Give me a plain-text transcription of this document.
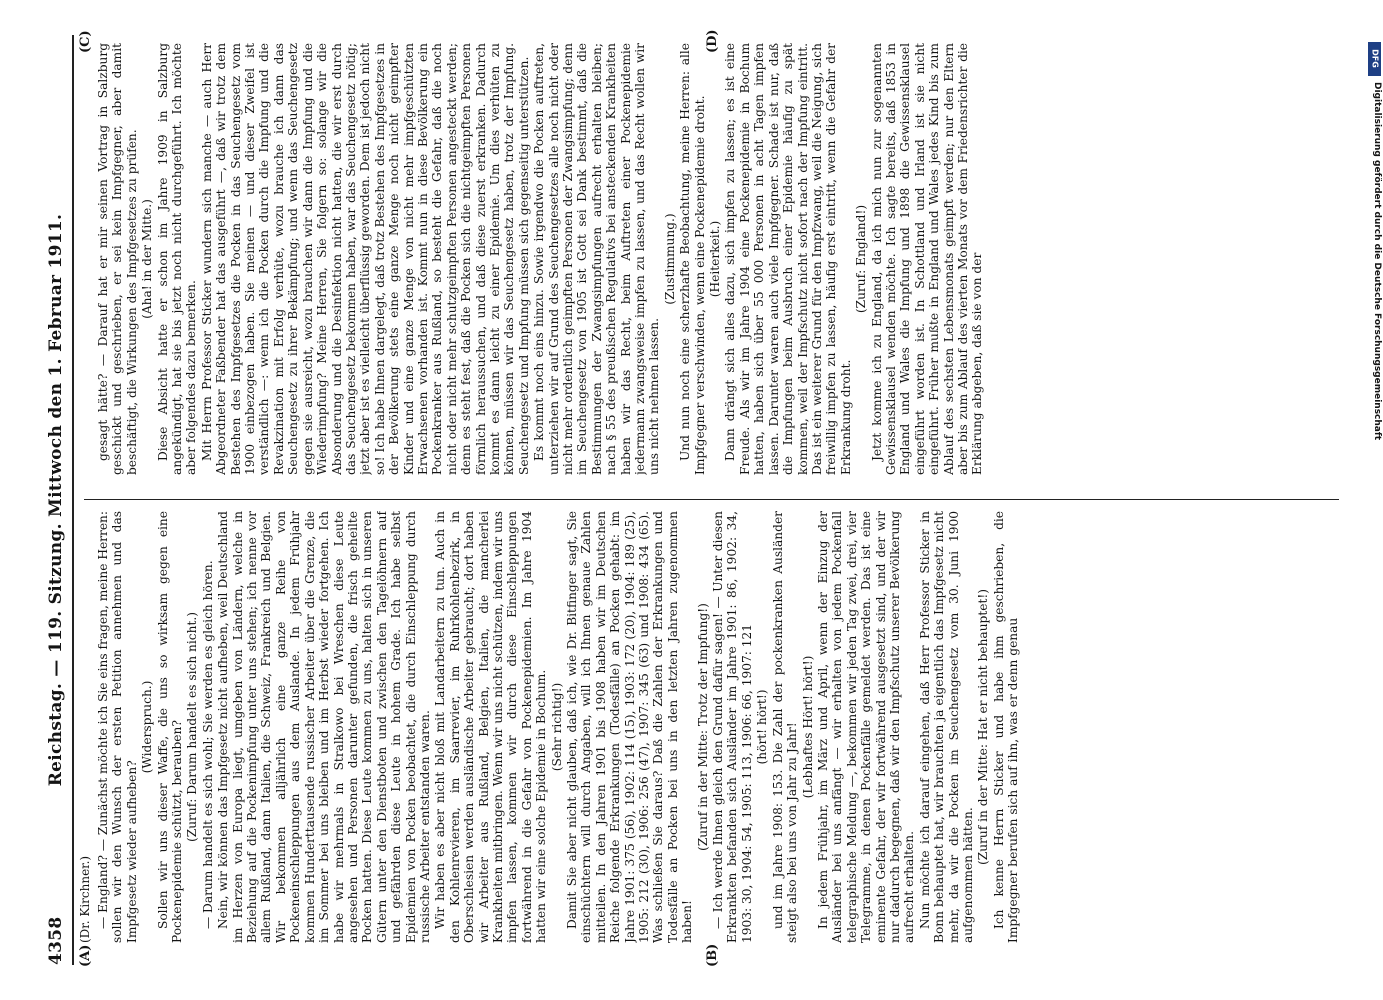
4358
Reichstag. — 119. Sitzung. Mittwoch den 1. Februar 1911.
(Dr. Kirchner.)
(A)	(B)
(C)	(D)

— England? — Zunächst möchte ich Sie eins fragen, meine Herren: sollen wir den Wunsch der ersten Petition annehmen und das Impfgesetz wieder aufheben?

(Widerspruch.) Sollen wir uns dieser Waffe, die uns so wirksam gegen eine Pockenepidemie schützt, berauben? (Zuruf: Darum handelt es sich nicht.) — Darum handelt es sich wohl; Sie werden es gleich hören. Nein, wir können das Impfgesetz nicht aufheben, weil Deutschland im Herzen von Europa liegt, umgeben von Ländern, welche in Beziehung auf die Pockenimpfung unter uns stehen; ich nenne vor allem Rußland, dann Italien, die Schweiz, Frankreich und Belgien. Wir bekommen alljährlich eine ganze Reihe von Pockeneinschleppungen aus dem Auslande. In jedem Frühjahr kommen Hunderttausende russischer Arbeiter über die Grenze, die im Sommer bei uns bleiben und im Herbst wieder fortgehen. Ich habe wir mehrmals in Stralkowo bei Wreschen diese Leute angesehen und Personen darunter gefunden, die frisch geheilte Pocken hatten. Diese Leute kommen zu uns, halten sich in unseren Gütern unter den Dienstboten und zwischen den Tagelöhnern auf und gefährden diese Leute in hohem Grade. Ich habe selbst Epidemien von Pocken beobachtet, die durch Einschleppung durch russische Arbeiter entstanden waren. Wir haben es aber nicht bloß mit Landarbeitern zu tun. Auch in den Kohlenrevieren, im Saarrevier, im Ruhrkohlenbezirk, in Oberschlesien werden ausländische Arbeiter gebraucht; dort haben wir Arbeiter aus Rußland, Belgien, Italien, die mancherlei Krankheiten mitbringen. Wenn wir uns nicht schützen, indem wir uns impfen lassen, kommen wir durch diese Einschleppungen fortwährend in die Gefahr von Pockenepidemien. Im Jahre 1904 hatten wir eine solche Epidemie in Bochum. (Sehr richtig!) Damit Sie aber nicht glauben, daß ich, wie Dr. Bitfinger sagt, Sie einschüchtern will durch Angaben, will ich Ihnen genaue Zahlen mitteilen. In den Jahren 1901 bis 1908 haben wir im Deutschen Reiche folgende Erkrankungen (Todesfälle) an Pocken gehabt: im Jahre 1901: 375 (56), 1902: 114 (15), 1903: 172 (20), 1904: 189 (25), 1905: 212 (30), 1906: 256 (47), 1907: 345 (63) und 1908: 434 (65). Was schließen Sie daraus? Daß die Zahlen der Erkrankungen und Todesfälle an Pocken bei uns in den letzten Jahren zugenommen haben!

(Zuruf in der Mitte: Trotz der Impfung!) — Ich werde Ihnen gleich den Grund dafür sagen! — Unter diesen Erkrankten befanden sich Ausländer im Jahre 1901: 86, 1902: 34, 1903: 30, 1904: 54, 1905: 113, 1906: 66, 1907: 121 (hört! hört!) und im Jahre 1908: 153. Die Zahl der pockenkranken Ausländer steigt also bei uns von Jahr zu Jahr! (Lebhaftes Hört! hört!) In jedem Frühjahr, im März und April, wenn der Einzug der Ausländer bei uns anfängt — wir erhalten von jedem Pockenfall telegraphische Meldung —, bekommen wir jeden Tag zwei, drei, vier Telegramme, in denen Pockenfälle gemeldet werden. Das ist eine eminente Gefahr, der wir fortwährend ausgesetzt sind, und der wir nur dadurch begegnen, daß wir den Impfschutz unserer Bevölkerung aufrecht erhalten. Nun möchte ich darauf eingehen, daß Herr Professor Sticker in Bonn behauptet hat, wir brauchten ja eigentlich das Impfgesetz nicht mehr, da wir die Pocken im Seuchengesetz vom 30. Juni 1900 aufgenommen hätten.

(Zuruf in der Mitte: Hat er nicht behauptet!) Ich kenne Herrn Sticker und habe ihm geschrieben, die Impfgegner berufen sich auf ihn, was er denn genau

gesagt hätte? — Darauf hat er mir seinen Vortrag in Salzburg geschickt und geschrieben, er sei kein Impfgegner, aber damit beschäftigt, die Wirkungen des Impfgesetzes zu prüfen. (Aha! in der Mitte.) Diese Absicht hatte er schon im Jahre 1909 in Salzburg angekündigt, hat sie bis jetzt noch nicht durchgeführt. Ich möchte aber folgendes dazu bemerken. Mit Herrn Professor Sticker wundern sich manche — auch Herr Abgeordneter Faßbender hat das ausgeführt —, daß wir trotz dem Bestehen des Impfgesetzes die Pocken in das Seuchengesetz vom 1900 einbezogen haben. Sie meinen — und dieser Zweifel ist verständlich —: wenn ich die Pocken durch die Impfung und die Revakzination mit Erfolg verhüte, wozu brauche ich dann das Seuchengesetz zu ihrer Bekämpfung; und wenn das Seuchengesetz gegen sie ausreicht, wozu brauchen wir dann die Impfung und die Wiederimpfung? Meine Herren, Sie folgern so: solange wir die Absonderung und die Desinfektion nicht hatten, die wir erst durch das Seuchengesetz bekommen haben, war das Seuchengesetz nötig; jetzt aber ist es vielleicht überflüssig geworden. Dem ist jedoch nicht so! Ich habe Ihnen dargelegt, daß trotz Bestehen des Impfgesetzes in der Bevölkerung stets eine ganze Menge noch nicht geimpfter Kinder und eine ganze Menge von nicht mehr impfgeschützten Erwachsenen vorhanden ist. Kommt nun in diese Bevölkerung ein Pockenkranker aus Rußland, so besteht die Gefahr, daß die noch nicht oder nicht mehr schutzgeimpften Personen angesteckt werden; denn es steht fest, daß die Pocken sich die nichtgeimpften Personen förmlich heraussuchen, und daß diese zuerst erkranken. Dadurch kommt es dann leicht zu einer Epidemie. Um dies verhüten zu können, müssen wir das Seuchengesetz haben, trotz der Impfung. Seuchengesetz und Impfung müssen sich gegenseitig unterstützen. Es kommt noch eins hinzu. Sowie irgendwo die Pocken auftreten, unterziehen wir auf Grund des Seuchengesetzes alle noch nicht oder nicht mehr ordentlich geimpften Personen der Zwangsimpfung; denn im Seuchengesetz von 1905 ist Gott sei Dank bestimmt, daß die Bestimmungen der Zwangsimpfungen aufrecht erhalten bleiben; nach § 55 des preußischen Regulativs bei ansteckenden Krankheiten haben wir das Recht, beim Auftreten einer Pockenepidemie jedermann zwangsweise impfen zu lassen, und das Recht wollen wir uns nicht nehmen lassen.

(Zustimmung.) Und nun noch eine scherzhafte Beobachtung, meine Herren: alle Impfgegner verschwinden, wenn eine Pockenepidemie droht. (Heiterkeit.) Dann drängt sich alles dazu, sich impfen zu lassen; es ist eine Freude. Als wir im Jahre 1904 eine Pockenepidemie in Bochum hatten, haben sich über 55 000 Personen in acht Tagen impfen lassen. Darunter waren auch viele Impfgegner. Schade ist nur, daß die Impfungen beim Ausbruch einer Epidemie häufig zu spät kommen, weil der Impfschutz nicht sofort nach der Impfung eintritt. Das ist ein weiterer Grund für den Impfzwang, weil die Neigung, sich freiwillig impfen zu lassen, häufig erst eintritt, wenn die Gefahr der Erkrankung droht.

(Zuruf: England!) Jetzt komme ich zu England, da ich mich nun zur sogenannten Gewissensklausel wenden möchte. Ich sagte bereits, daß 1853 in England und Wales die Impfung und 1898 die Gewissensklausel eingeführt worden ist. In Schottland und Irland ist sie nicht eingeführt. Früher mußte in England und Wales jedes Kind bis zum Ablauf des sechsten Lebensmonats geimpft werden; nur den Eltern aber bis zum Ablauf des vierten Monats vor dem Friedensrichter die Erklärung abgeben, daß sie von der

DFG
Digitalisierung gefördert durch die Deutsche Forschungsgemeinschaft
